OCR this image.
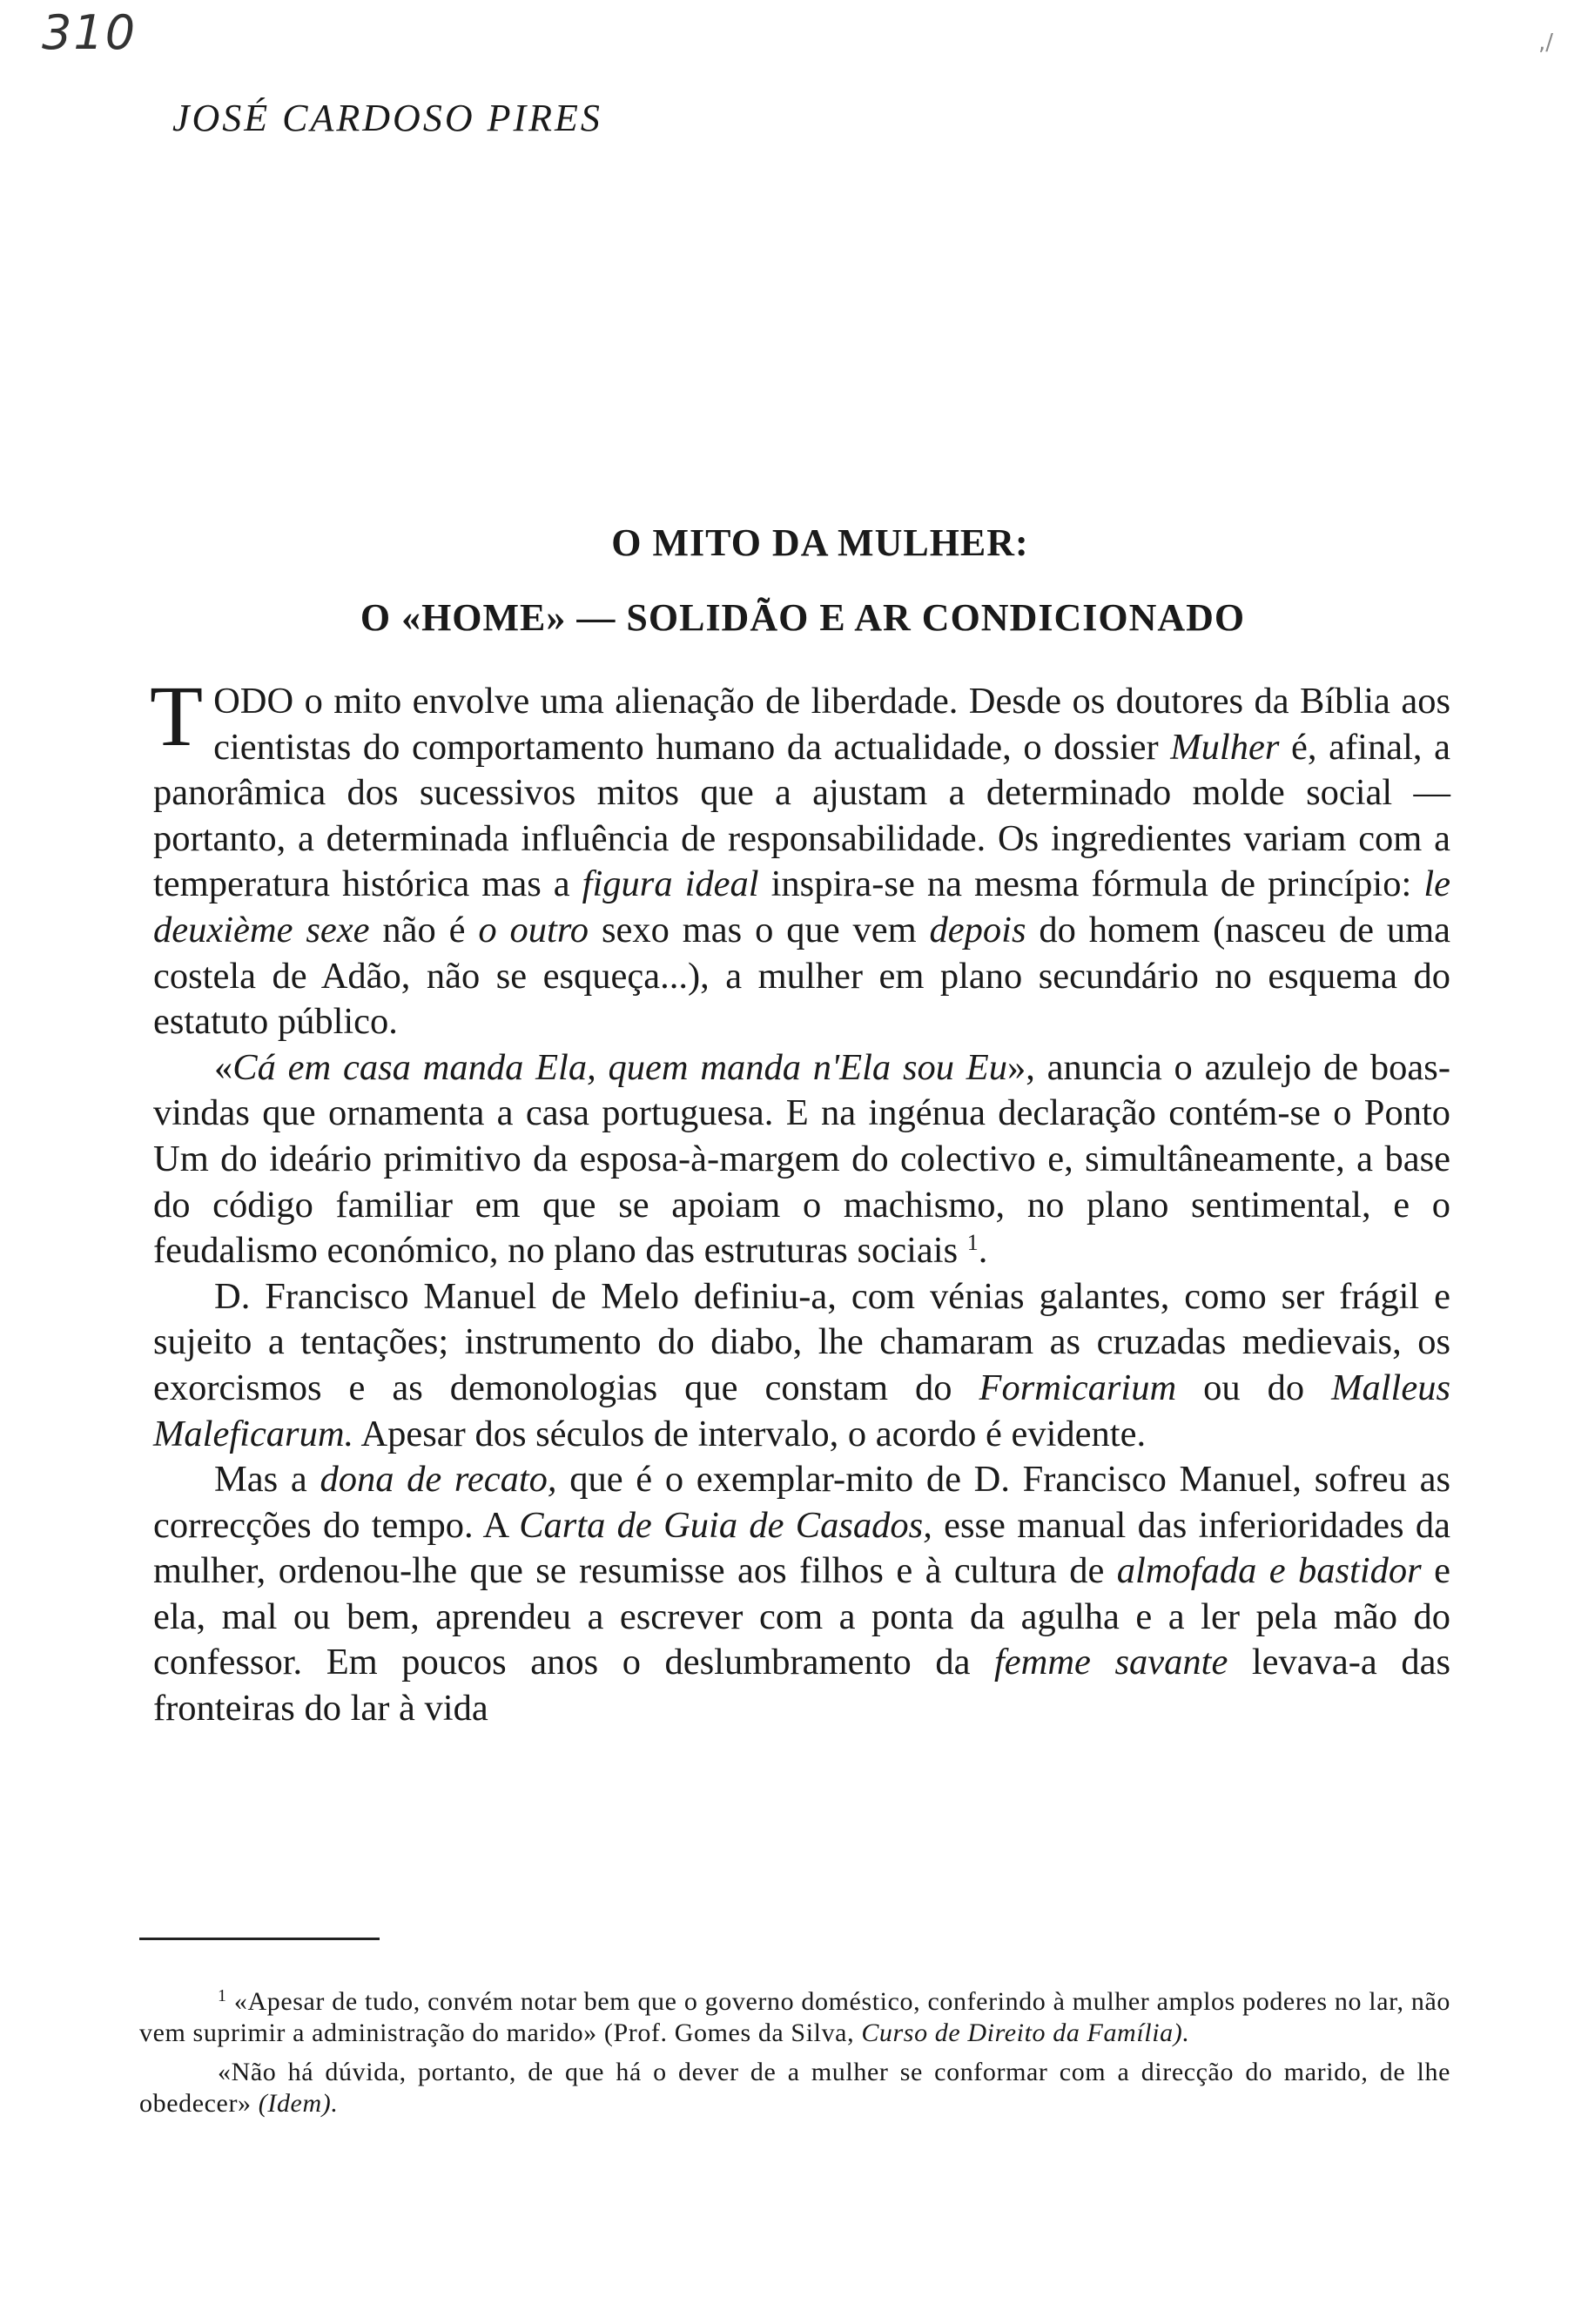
310	,/
JOSÉ CARDOSO PIRES
O MITO DA MULHER:
O «HOME» — SOLIDÃO E AR CONDICIONADO

TODO o mito envolve uma alienação de liberdade. Desde os doutores da Bíblia aos cientistas do comportamento humano da actualidade, o dossier Mulher é, afinal, a panorâmica dos sucessivos mitos que a ajustam a determinado molde social — portanto, a determinada influência de responsabilidade. Os ingredientes variam com a temperatura histórica mas a figura ideal inspira-se na mesma fórmula de princípio: le deuxième sexe não é o outro sexo mas o que vem depois do homem (nasceu de uma costela de Adão, não se esqueça...), a mulher em plano secundário no esquema do estatuto público.

«Cá em casa manda Ela, quem manda n'Ela sou Eu», anuncia o azulejo de boas-vindas que ornamenta a casa portuguesa. E na ingénua declaração contém-se o Ponto Um do ideário primitivo da esposa-à-margem do colectivo e, simultâneamente, a base do código familiar em que se apoiam o machismo, no plano sentimental, e o feudalismo económico, no plano das estruturas sociais $^1$.

D. Francisco Manuel de Melo definiu-a, com vénias galantes, como ser frágil e sujeito a tentações; instrumento do diabo, lhe chamaram as cruzadas medievais, os exorcismos e as demonologias que constam do Formicarium ou do Malleus Maleficarum. Apesar dos séculos de intervalo, o acordo é evidente.

Mas a dona de recato, que é o exemplar-mito de D. Francisco Manuel, sofreu as correcções do tempo. A Carta de Guia de Casados, esse manual das inferioridades da mulher, ordenou-lhe que se resumisse aos filhos e à cultura de almofada e bastidor e ela, mal ou bem, aprendeu a escrever com a ponta da agulha e a ler pela mão do confessor. Em poucos anos o deslumbramento da femme savante levava-a das fronteiras do lar à vida

$^1$ «Apesar de tudo, convém notar bem que o governo doméstico, conferindo à mulher amplos poderes no lar, não vem suprimir a administração do marido» (Prof. Gomes da Silva, Curso de Direito da Família).

«Não há dúvida, portanto, de que há o dever de a mulher se conformar com a direcção do marido, de lhe obedecer» (Idem).
